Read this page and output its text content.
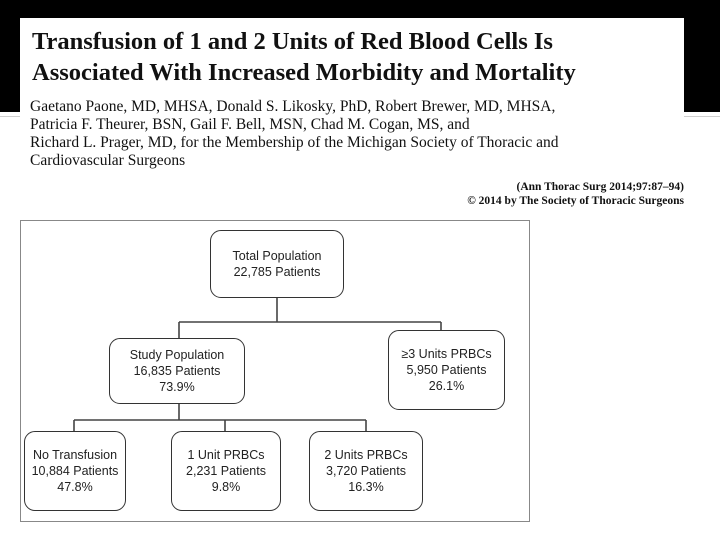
Transfusion of 1 and 2 Units of Red Blood Cells Is
Associated With Increased Morbidity and Mortality

Gaetano Paone, MD, MHSA, Donald S. Likosky, PhD, Robert Brewer, MD, MHSA,
Patricia F. Theurer, BSN, Gail F. Bell, MSN, Chad M. Cogan, MS, and
Richard L. Prager, MD, for the Membership of the Michigan Society of Thoracic and
Cardiovascular Surgeons

(Ann Thorac Surg 2014;97:87–94)
© 2014 by The Society of Thoracic Surgeons
Total Population
22,785 Patients
Study Population
16,835 Patients
73.9%
≥3 Units PRBCs
5,950 Patients
26.1%
No Transfusion
10,884 Patients
47.8%
1 Unit PRBCs
2,231 Patients
9.8%
2 Units PRBCs
3,720 Patients
16.3%
